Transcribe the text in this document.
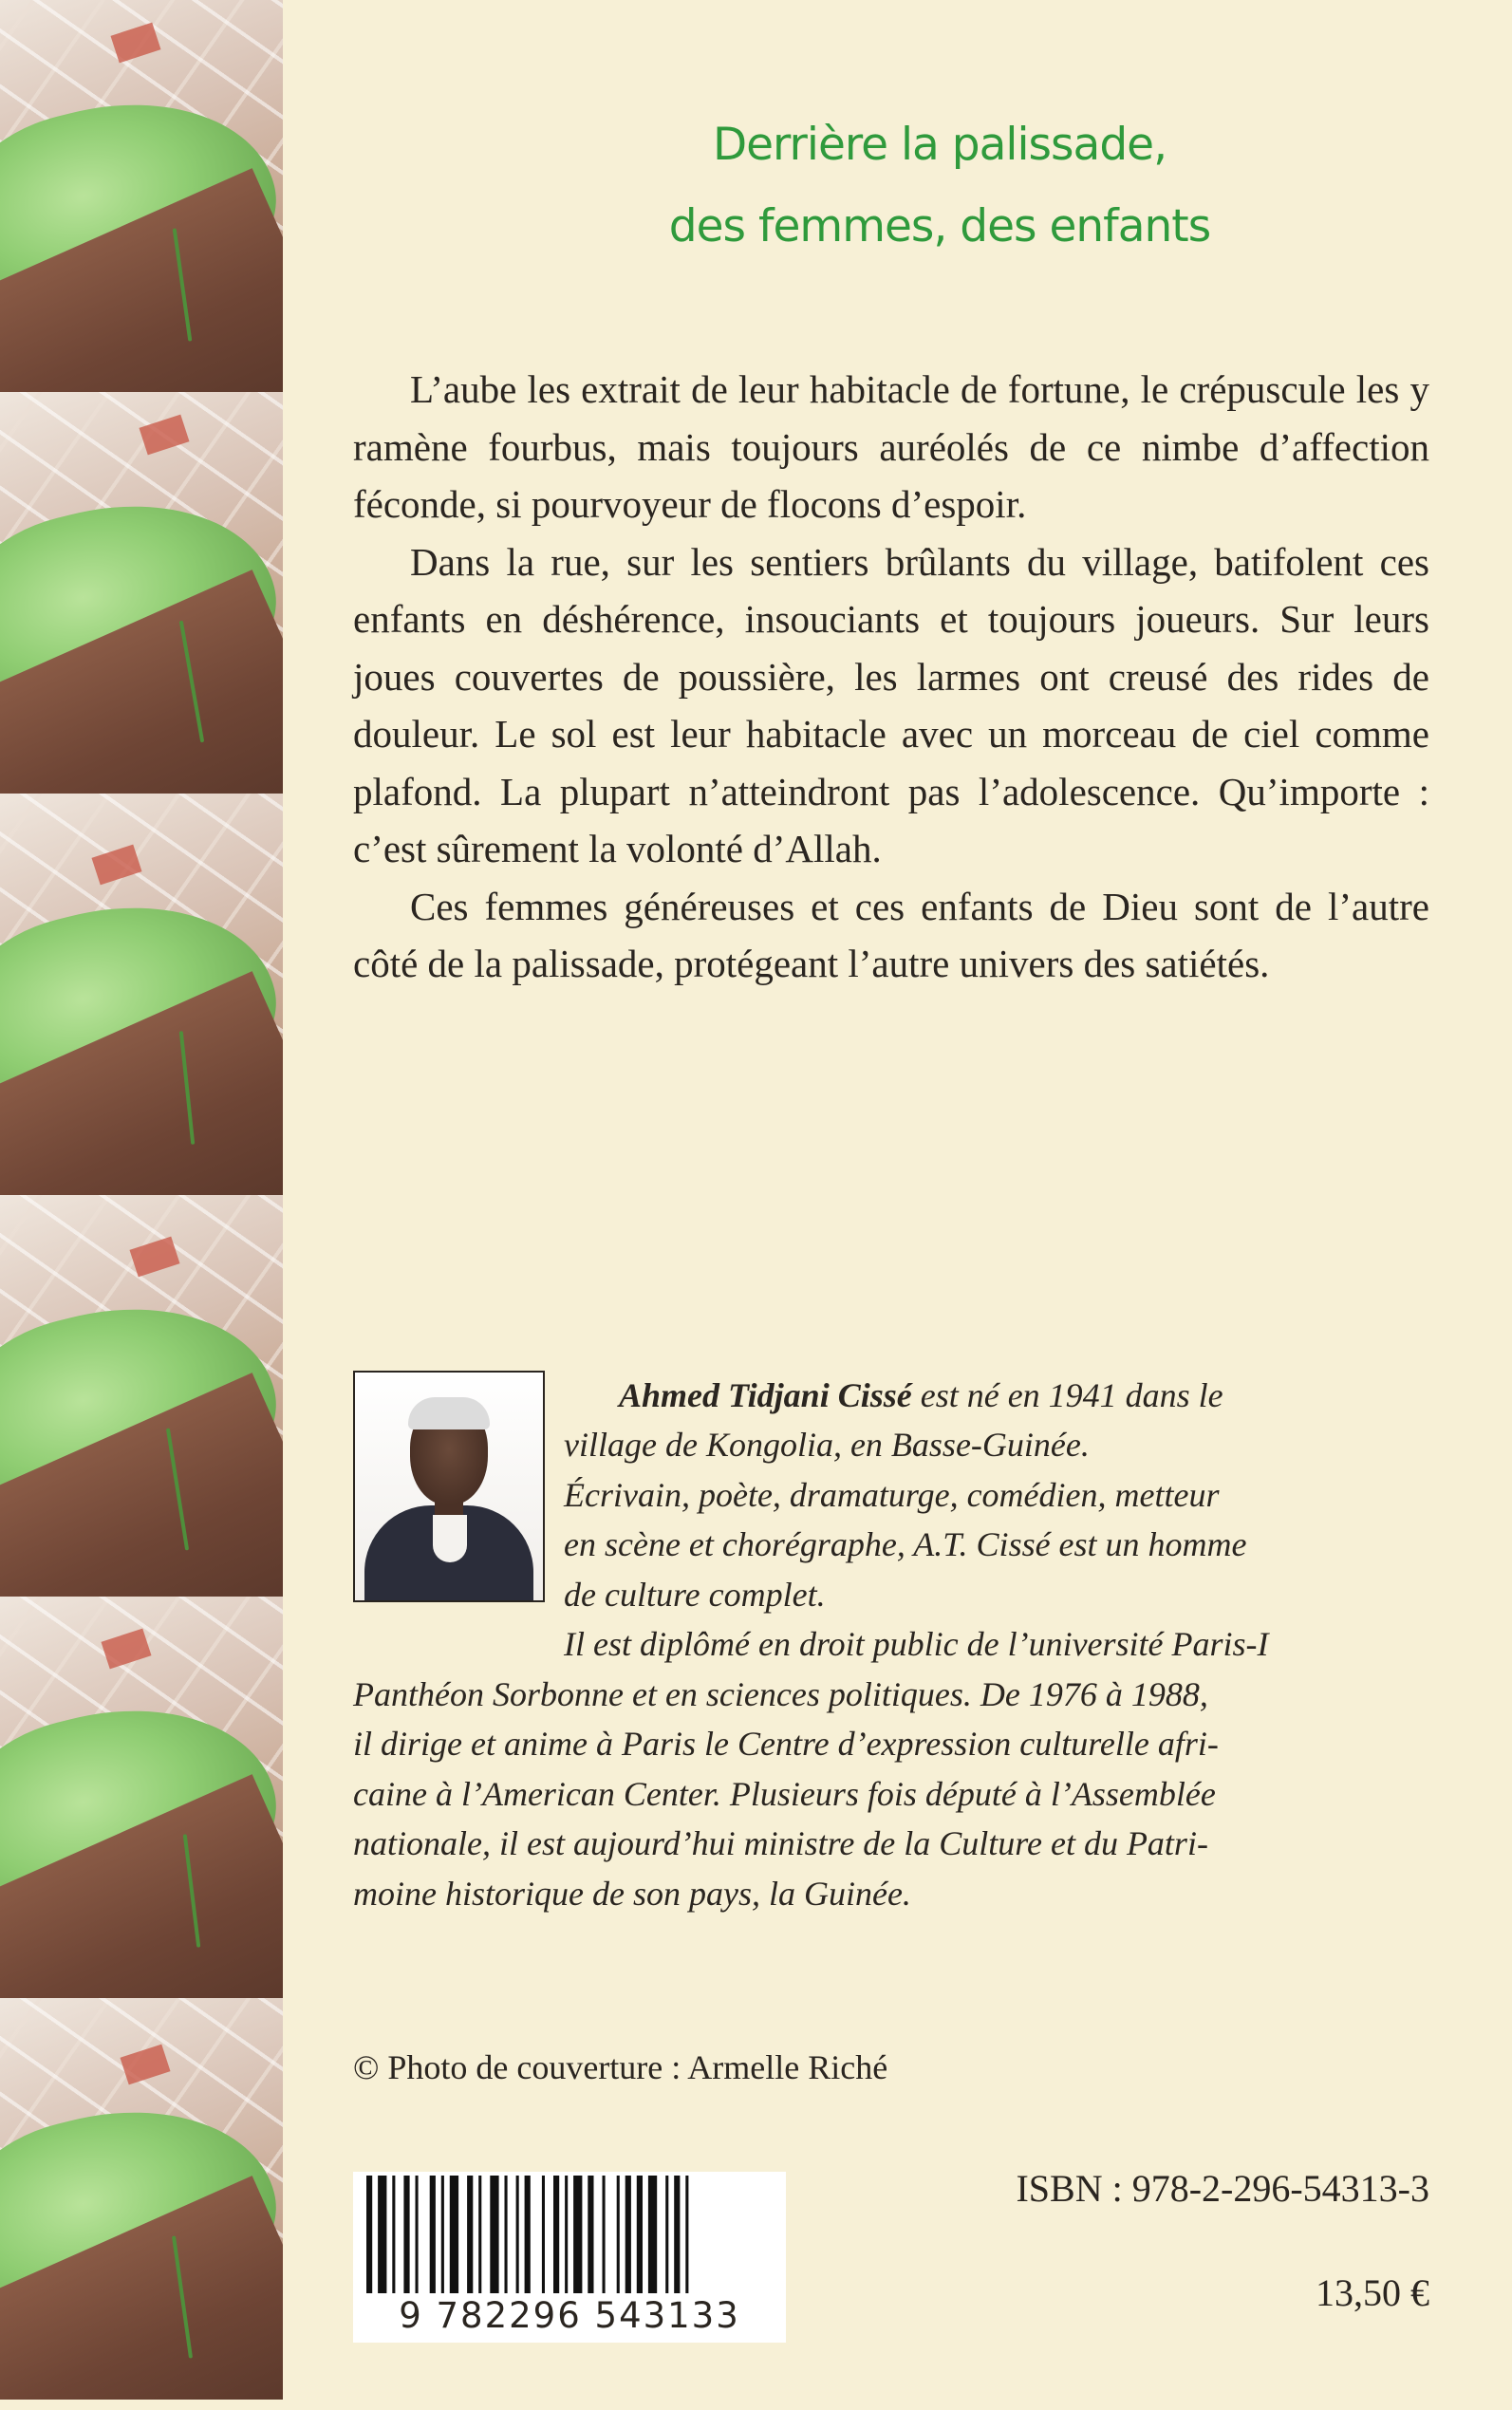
Derrière la palissade,
des femmes, des enfants

L’aube les extrait de leur habitacle de fortune, le crépuscule les y ramène fourbus, mais toujours auréolés de ce nimbe d’affection féconde, si pourvoyeur de flocons d’espoir.

Dans la rue, sur les sentiers brûlants du village, batifolent ces enfants en déshérence, insouciants et toujours joueurs. Sur leurs joues couvertes de poussière, les larmes ont creusé des rides de douleur. Le sol est leur habitacle avec un morceau de ciel comme plafond. La plupart n’atteindront pas l’adolescence. Qu’importe : c’est sûrement la volonté d’Allah.

Ces femmes généreuses et ces enfants de Dieu sont de l’autre côté de la palissade, protégeant l’autre univers des satiétés.

Ahmed Tidjani Cissé est né en 1941 dans le
village de Kongolia, en Basse-Guinée.
Écrivain, poète, dramaturge, comédien, metteur
en scène et chorégraphe, A.T. Cissé est un homme
de culture complet.
Il est diplômé en droit public de l’université Paris-I
Panthéon Sorbonne et en sciences politiques. De 1976 à 1988,
il dirige et anime à Paris le Centre d’expression culturelle afri-
caine à l’American Center. Plusieurs fois député à l’Assemblée
nationale, il est aujourd’hui ministre de la Culture et du Patri-
moine historique de son pays, la Guinée.
© Photo de couverture : Armelle Riché
9 782296 543133
ISBN : 978-2-296-54313-3
13,50 €
